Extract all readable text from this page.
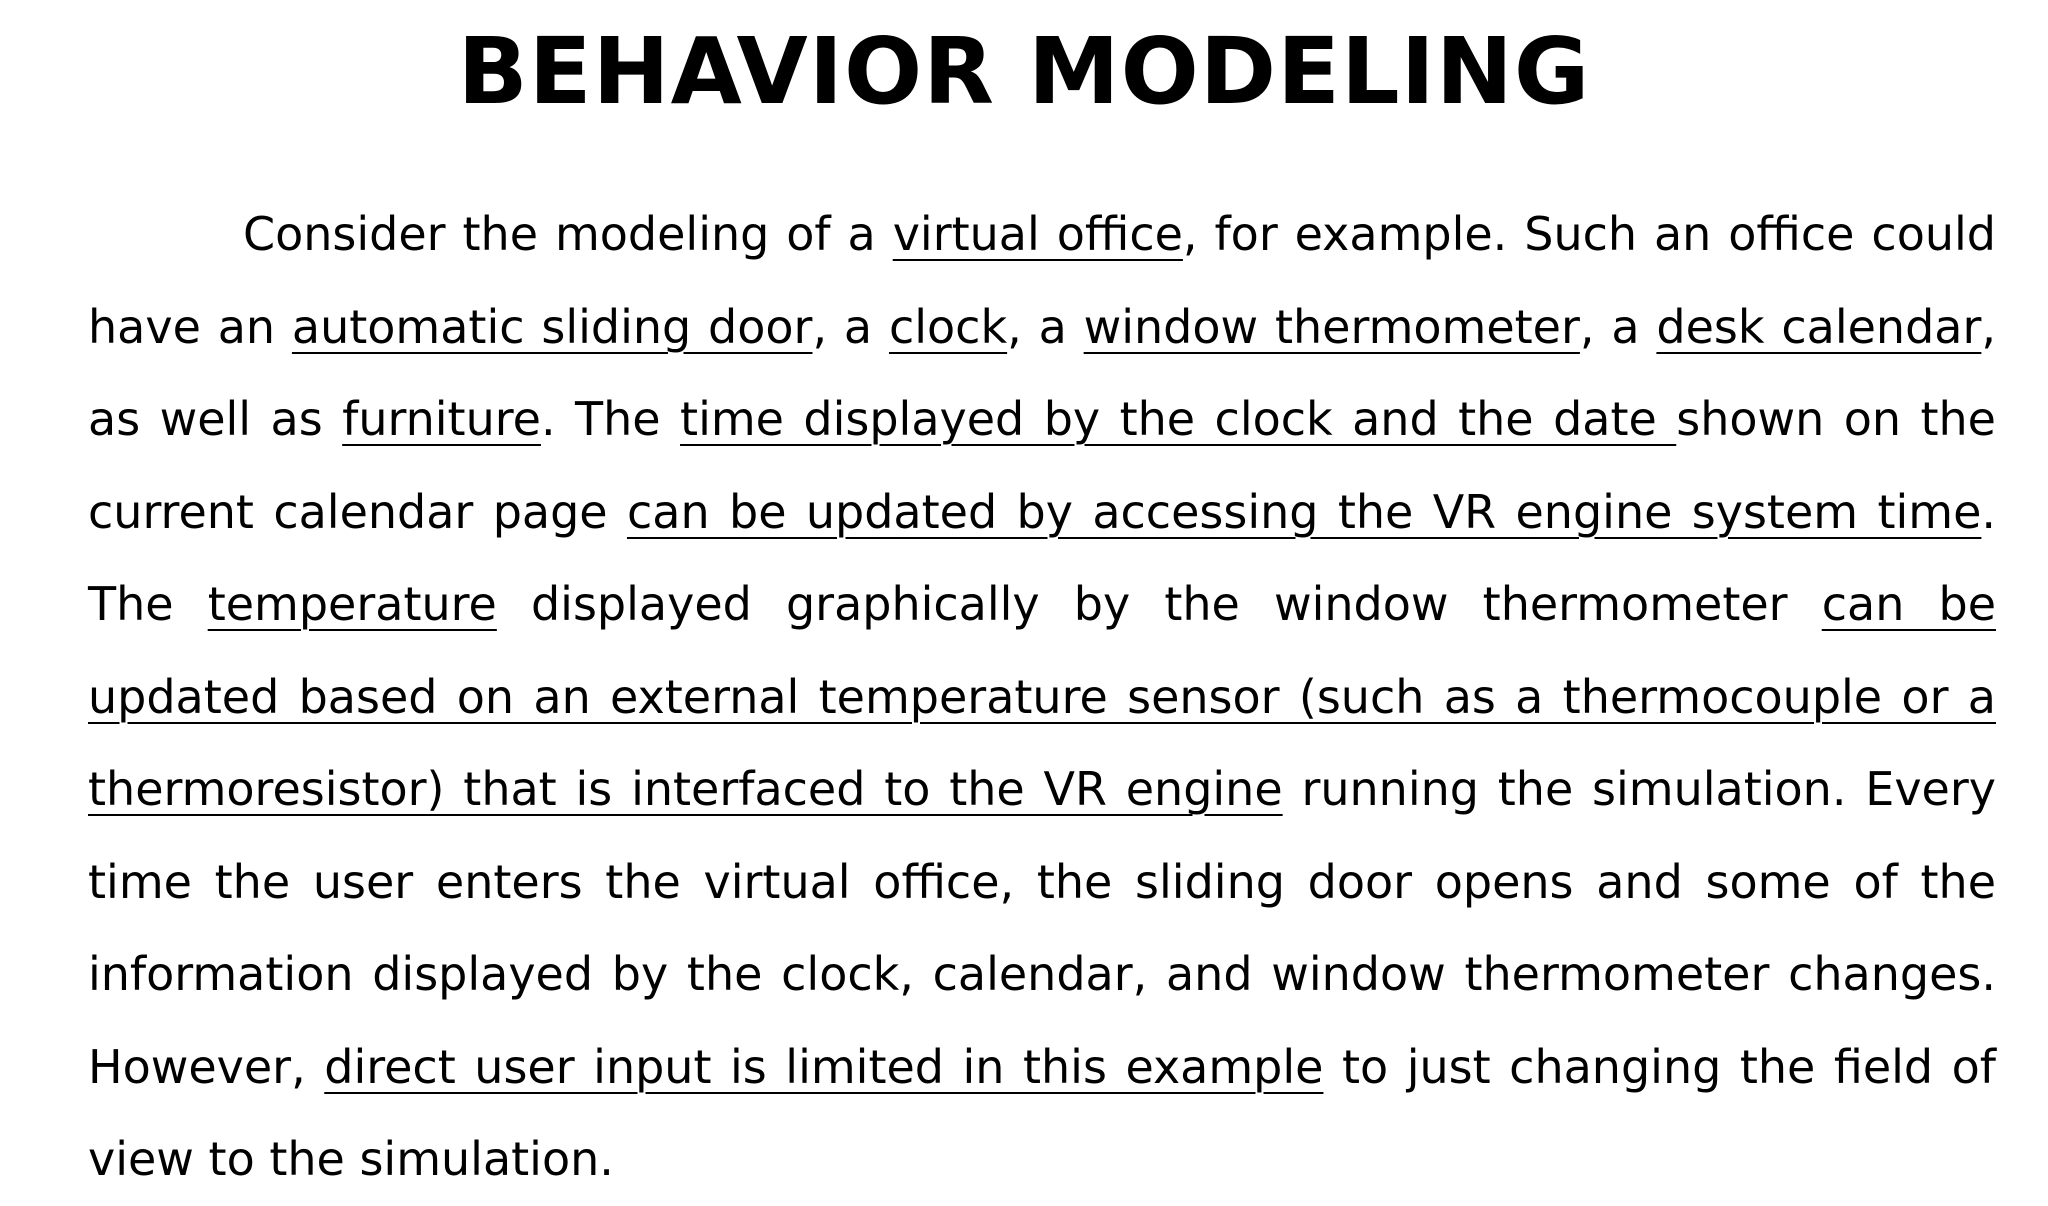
BEHAVIOR MODELING

Consider the modeling of a virtual office, for example. Such an office could have an automatic sliding door, a clock, a window thermometer, a desk calendar, as well as furniture. The time displayed by the clock and the date shown on the current calendar page can be updated by accessing the VR engine system time. The temperature displayed graphically by the window thermometer can be updated based on an external temperature sensor (such as a thermocouple or a thermoresistor) that is interfaced to the VR engine running the simulation. Every time the user enters the virtual office, the sliding door opens and some of the information displayed by the clock, calendar, and window thermometer changes. However, direct user input is limited in this example to just changing the field of view to the simulation.
